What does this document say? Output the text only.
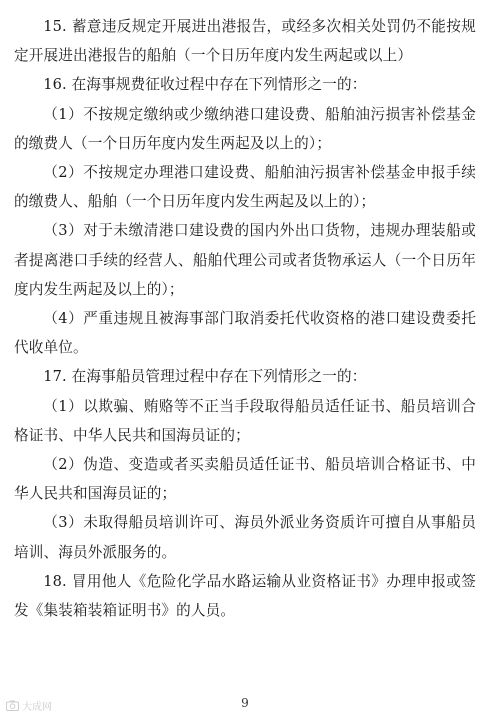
15. 蓄意违反规定开展进出港报告，或经多次相关处罚仍不能按规定开展进出港报告的船舶（一个日历年度内发生两起或以上）

16. 在海事规费征收过程中存在下列情形之一的：

（1）不按规定缴纳或少缴纳港口建设费、船舶油污损害补偿基金的缴费人（一个日历年度内发生两起及以上的）；

（2）不按规定办理港口建设费、船舶油污损害补偿基金申报手续的缴费人、船舶（一个日历年度内发生两起及以上的）；

（3）对于未缴清港口建设费的国内外出口货物，违规办理装船或者提离港口手续的经营人、船舶代理公司或者货物承运人（一个日历年度内发生两起及以上的）；

（4）严重违规且被海事部门取消委托代收资格的港口建设费委托代收单位。

17. 在海事船员管理过程中存在下列情形之一的：

（1）以欺骗、贿赂等不正当手段取得船员适任证书、船员培训合格证书、中华人民共和国海员证的；

（2）伪造、变造或者买卖船员适任证书、船员培训合格证书、中华人民共和国海员证的；

（3）未取得船员培训许可、海员外派业务资质许可擅自从事船员培训、海员外派服务的。

18. 冒用他人《危险化学品水路运输从业资格证书》办理申报或签发《集装箱装箱证明书》的人员。

大成网	9
